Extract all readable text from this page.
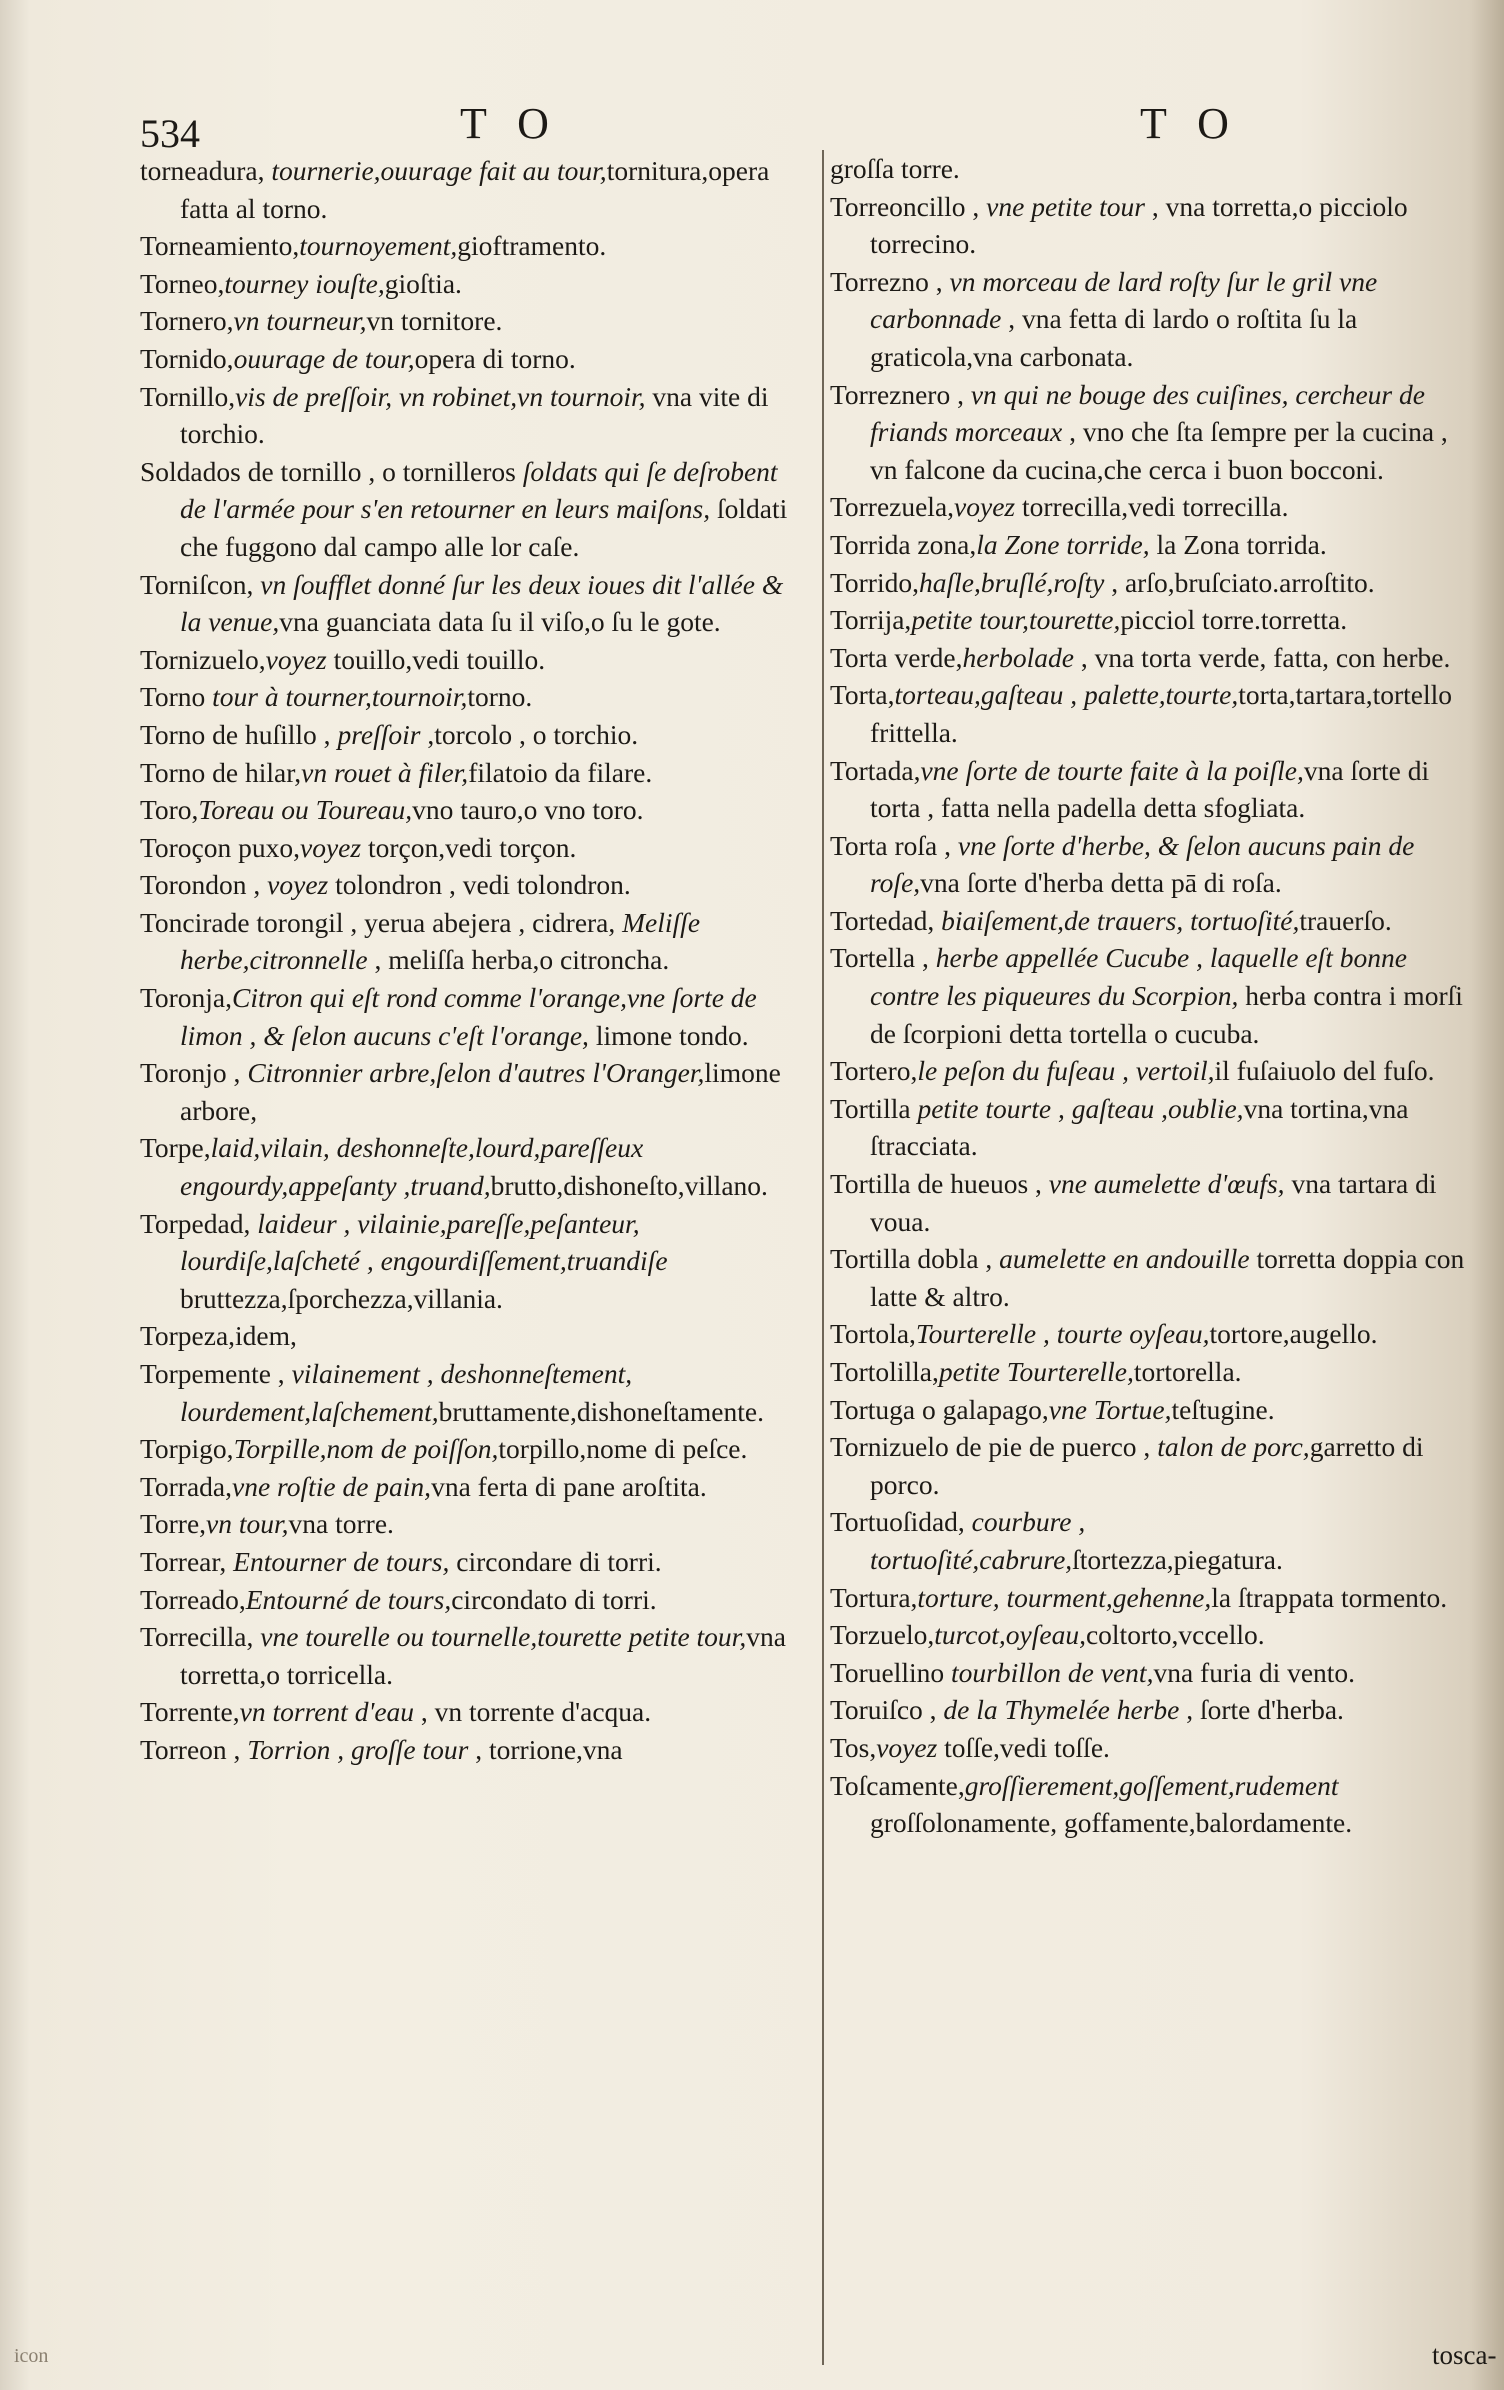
534	T O	T O
torneadura, tournerie,ouurage fait au tour,tornitura,opera fatta al torno.
Torneamiento,tournoyement,gioftramento.
Torneo,tourney iouſte,gioſtia.
Tornero,vn tourneur,vn tornitore.
Tornido,ouurage de tour,opera di torno.
Tornillo,vis de preſſoir, vn robinet,vn tournoir, vna vite di torchio.
Soldados de tornillo , o tornilleros ſoldats qui ſe deſrobent de l'armée pour s'en retourner en leurs maiſons, ſoldati che fuggono dal campo alle lor caſe.
Torniſcon, vn ſoufflet donné ſur les deux ioues dit l'allée & la venue,vna guanciata data ſu il viſo,o ſu le gote.
Tornizuelo,voyez touillo,vedi touillo.
Torno tour à tourner,tournoir,torno.
Torno de huſillo , preſſoir ,torcolo , o torchio.
Torno de hilar,vn rouet à filer,filatoio da filare.
Toro,Toreau ou Toureau,vno tauro,o vno toro.
Toroçon puxo,voyez torçon,vedi torçon.
Torondon , voyez tolondron , vedi tolondron.
Toncirade torongil , yerua abejera , cidrera, Meliſſe herbe,citronnelle , meliſſa herba,o citroncha.
Toronja,Citron qui eſt rond comme l'orange,vne ſorte de limon , & ſelon aucuns c'eſt l'orange, limone tondo.
Toronjo , Citronnier arbre,ſelon d'autres l'Oranger,limone arbore,
Torpe,laid,vilain, deshonneſte,lourd,pareſſeux engourdy,appeſanty ,truand,brutto,dishoneſto,villano.
Torpedad, laideur , vilainie,pareſſe,peſanteur, lourdiſe,laſcheté , engourdiſſement,truandiſe bruttezza,ſporchezza,villania.
Torpeza,idem,
Torpemente , vilainement , deshonneſtement, lourdement,laſchement,bruttamente,dishoneſtamente.
Torpigo,Torpille,nom de poiſſon,torpillo,nome di peſce.
Torrada,vne roſtie de pain,vna ferta di pane aroſtita.
Torre,vn tour,vna torre.
Torrear, Entourner de tours, circondare di torri.
Torreado,Entourné de tours,circondato di torri.
Torrecilla, vne tourelle ou tournelle,tourette petite tour,vna torretta,o torricella.
Torrente,vn torrent d'eau , vn torrente d'acqua.
Torreon , Torrion , groſſe tour , torrione,vna
groſſa torre.
Torreoncillo , vne petite tour , vna torretta,o picciolo torrecino.
Torrezno , vn morceau de lard roſty ſur le gril vne carbonnade , vna fetta di lardo o roſtita ſu la graticola,vna carbonata.
Torreznero , vn qui ne bouge des cuiſines, cercheur de friands morceaux , vno che ſta ſempre per la cucina , vn falcone da cucina,che cerca i buon bocconi.
Torrezuela,voyez torrecilla,vedi torrecilla.
Torrida zona,la Zone torride, la Zona torrida.
Torrido,haſle,bruſlé,roſty , arſo,bruſciato.arroſtito.
Torrija,petite tour,tourette,picciol torre.torretta.
Torta verde,herbolade , vna torta verde, fatta, con herbe.
Torta,torteau,gaſteau , palette,tourte,torta,tartara,tortello frittella.
Tortada,vne ſorte de tourte faite à la poiſle,vna ſorte di torta , fatta nella padella detta sfogliata.
Torta roſa , vne ſorte d'herbe, & ſelon aucuns pain de roſe,vna ſorte d'herba detta pā di roſa.
Tortedad, biaiſement,de trauers, tortuoſité,trauerſo.
Tortella , herbe appellée Cucube , laquelle eſt bonne contre les piqueures du Scorpion, herba contra i morſi de ſcorpioni detta tortella o cucuba.
Tortero,le peſon du fuſeau , vertoil,il fuſaiuolo del fuſo.
Tortilla petite tourte , gaſteau ,oublie,vna tortina,vna ſtracciata.
Tortilla de hueuos , vne aumelette d'œufs, vna tartara di voua.
Tortilla dobla , aumelette en andouille torretta doppia con latte & altro.
Tortola,Tourterelle , tourte oyſeau,tortore,augello.
Tortolilla,petite Tourterelle,tortorella.
Tortuga o galapago,vne Tortue,teſtugine.
Tornizuelo de pie de puerco , talon de porc,garretto di porco.
Tortuoſidad, courbure , tortuoſité,cabrure,ſtortezza,piegatura.
Tortura,torture, tourment,gehenne,la ſtrappata tormento.
Torzuelo,turcot,oyſeau,coltorto,vccello.
Toruellino tourbillon de vent,vna furia di vento.
Toruiſco , de la Thymelée herbe , ſorte d'herba.
Tos,voyez toſſe,vedi toſſe.
Toſcamente,groſſierement,goſſement,rudement groſſolonamente, goffamente,balordamente.
icon	tosca-
